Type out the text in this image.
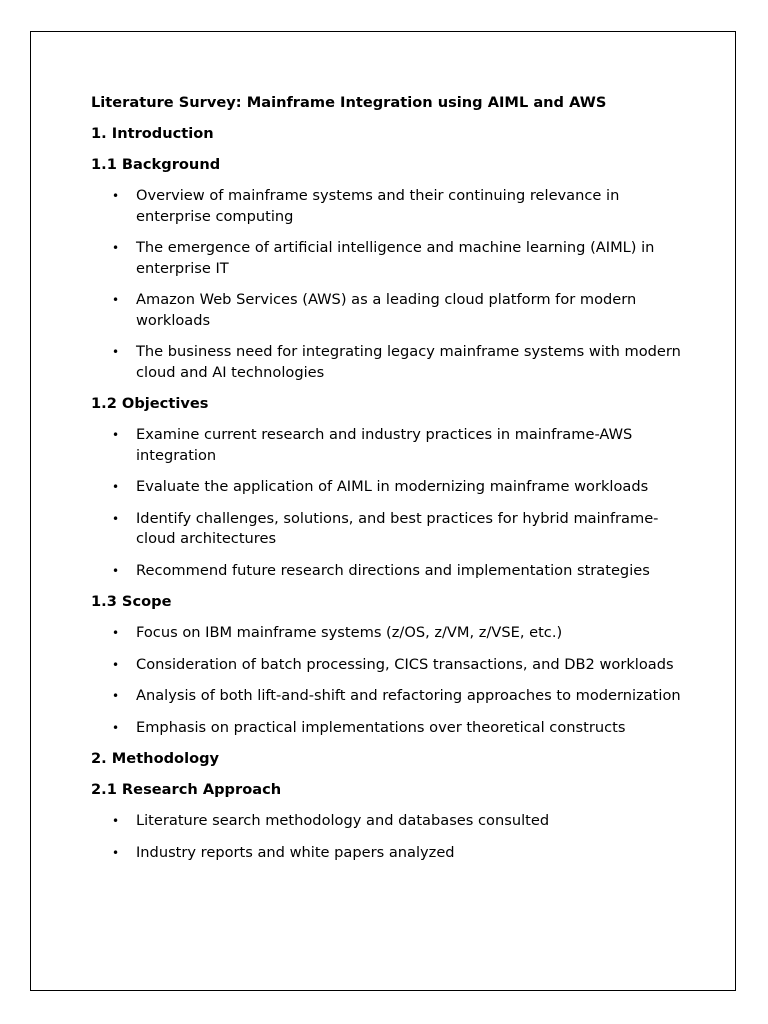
Literature Survey: Mainframe Integration using AIML and AWS
1. Introduction
1.1 Background
• Overview of mainframe systems and their continuing relevance in enterprise computing
• The emergence of artificial intelligence and machine learning (AIML) in enterprise IT
• Amazon Web Services (AWS) as a leading cloud platform for modern workloads
• The business need for integrating legacy mainframe systems with modern cloud and AI technologies
1.2 Objectives
• Examine current research and industry practices in mainframe-AWS integration
• Evaluate the application of AIML in modernizing mainframe workloads
• Identify challenges, solutions, and best practices for hybrid mainframe-cloud architectures
• Recommend future research directions and implementation strategies
1.3 Scope
• Focus on IBM mainframe systems (z/OS, z/VM, z/VSE, etc.)
• Consideration of batch processing, CICS transactions, and DB2 workloads
• Analysis of both lift-and-shift and refactoring approaches to modernization
• Emphasis on practical implementations over theoretical constructs
2. Methodology
2.1 Research Approach
• Literature search methodology and databases consulted
• Industry reports and white papers analyzed
